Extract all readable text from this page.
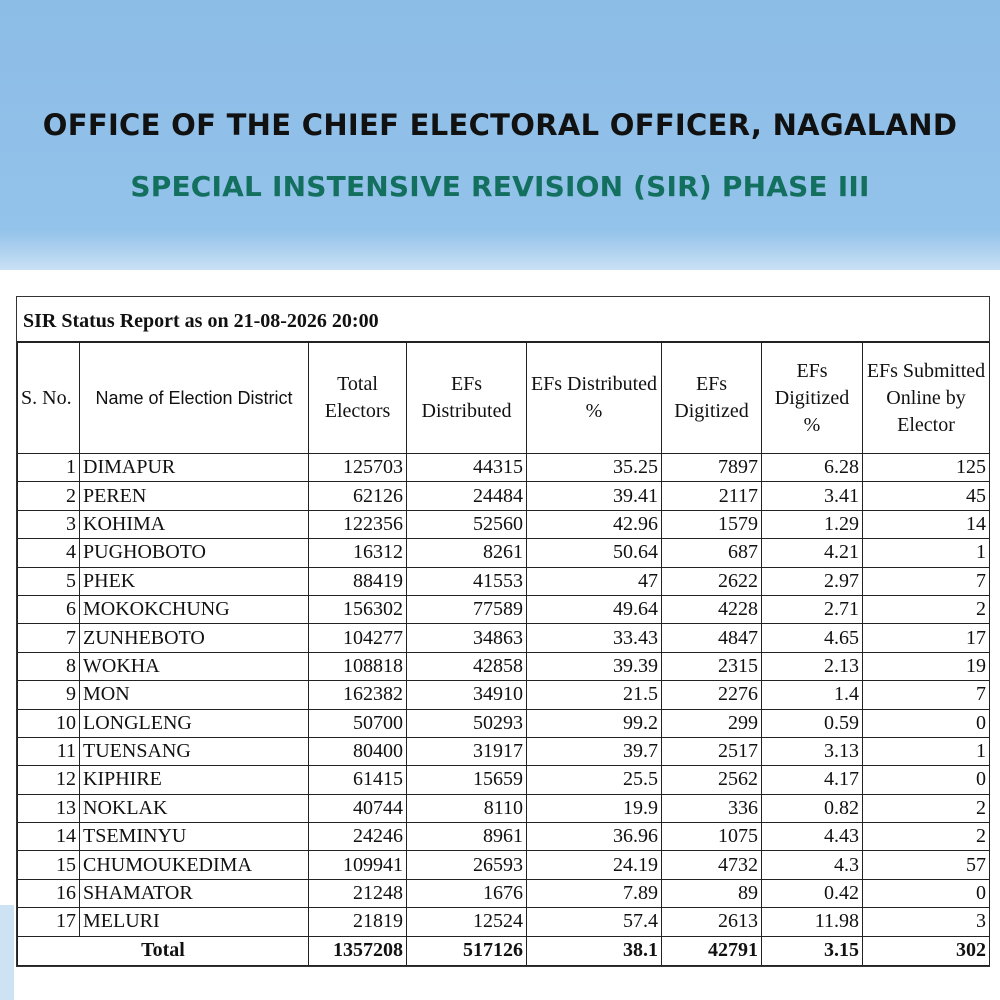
OFFICE OF THE CHIEF ELECTORAL OFFICER, NAGALAND
SPECIAL INSTENSIVE REVISION (SIR) PHASE III
SIR Status Report as on 21-08-2026 20:00
S. No.	Name of Election District	Total Electors	EFs Distributed	EFs Distributed %	EFs Digitized	EFs Digitized %	EFs Submitted Online by Elector
1	DIMAPUR	125703	44315	35.25	7897	6.28	125
2	PEREN	62126	24484	39.41	2117	3.41	45
3	KOHIMA	122356	52560	42.96	1579	1.29	14
4	PUGHOBOTO	16312	8261	50.64	687	4.21	1
5	PHEK	88419	41553	47	2622	2.97	7
6	MOKOKCHUNG	156302	77589	49.64	4228	2.71	2
7	ZUNHEBOTO	104277	34863	33.43	4847	4.65	17
8	WOKHA	108818	42858	39.39	2315	2.13	19
9	MON	162382	34910	21.5	2276	1.4	7
10	LONGLENG	50700	50293	99.2	299	0.59	0
11	TUENSANG	80400	31917	39.7	2517	3.13	1
12	KIPHIRE	61415	15659	25.5	2562	4.17	0
13	NOKLAK	40744	8110	19.9	336	0.82	2
14	TSEMINYU	24246	8961	36.96	1075	4.43	2
15	CHUMOUKEDIMA	109941	26593	24.19	4732	4.3	57
16	SHAMATOR	21248	1676	7.89	89	0.42	0
17	MELURI	21819	12524	57.4	2613	11.98	3
Total		1357208	517126	38.1	42791	3.15	302
